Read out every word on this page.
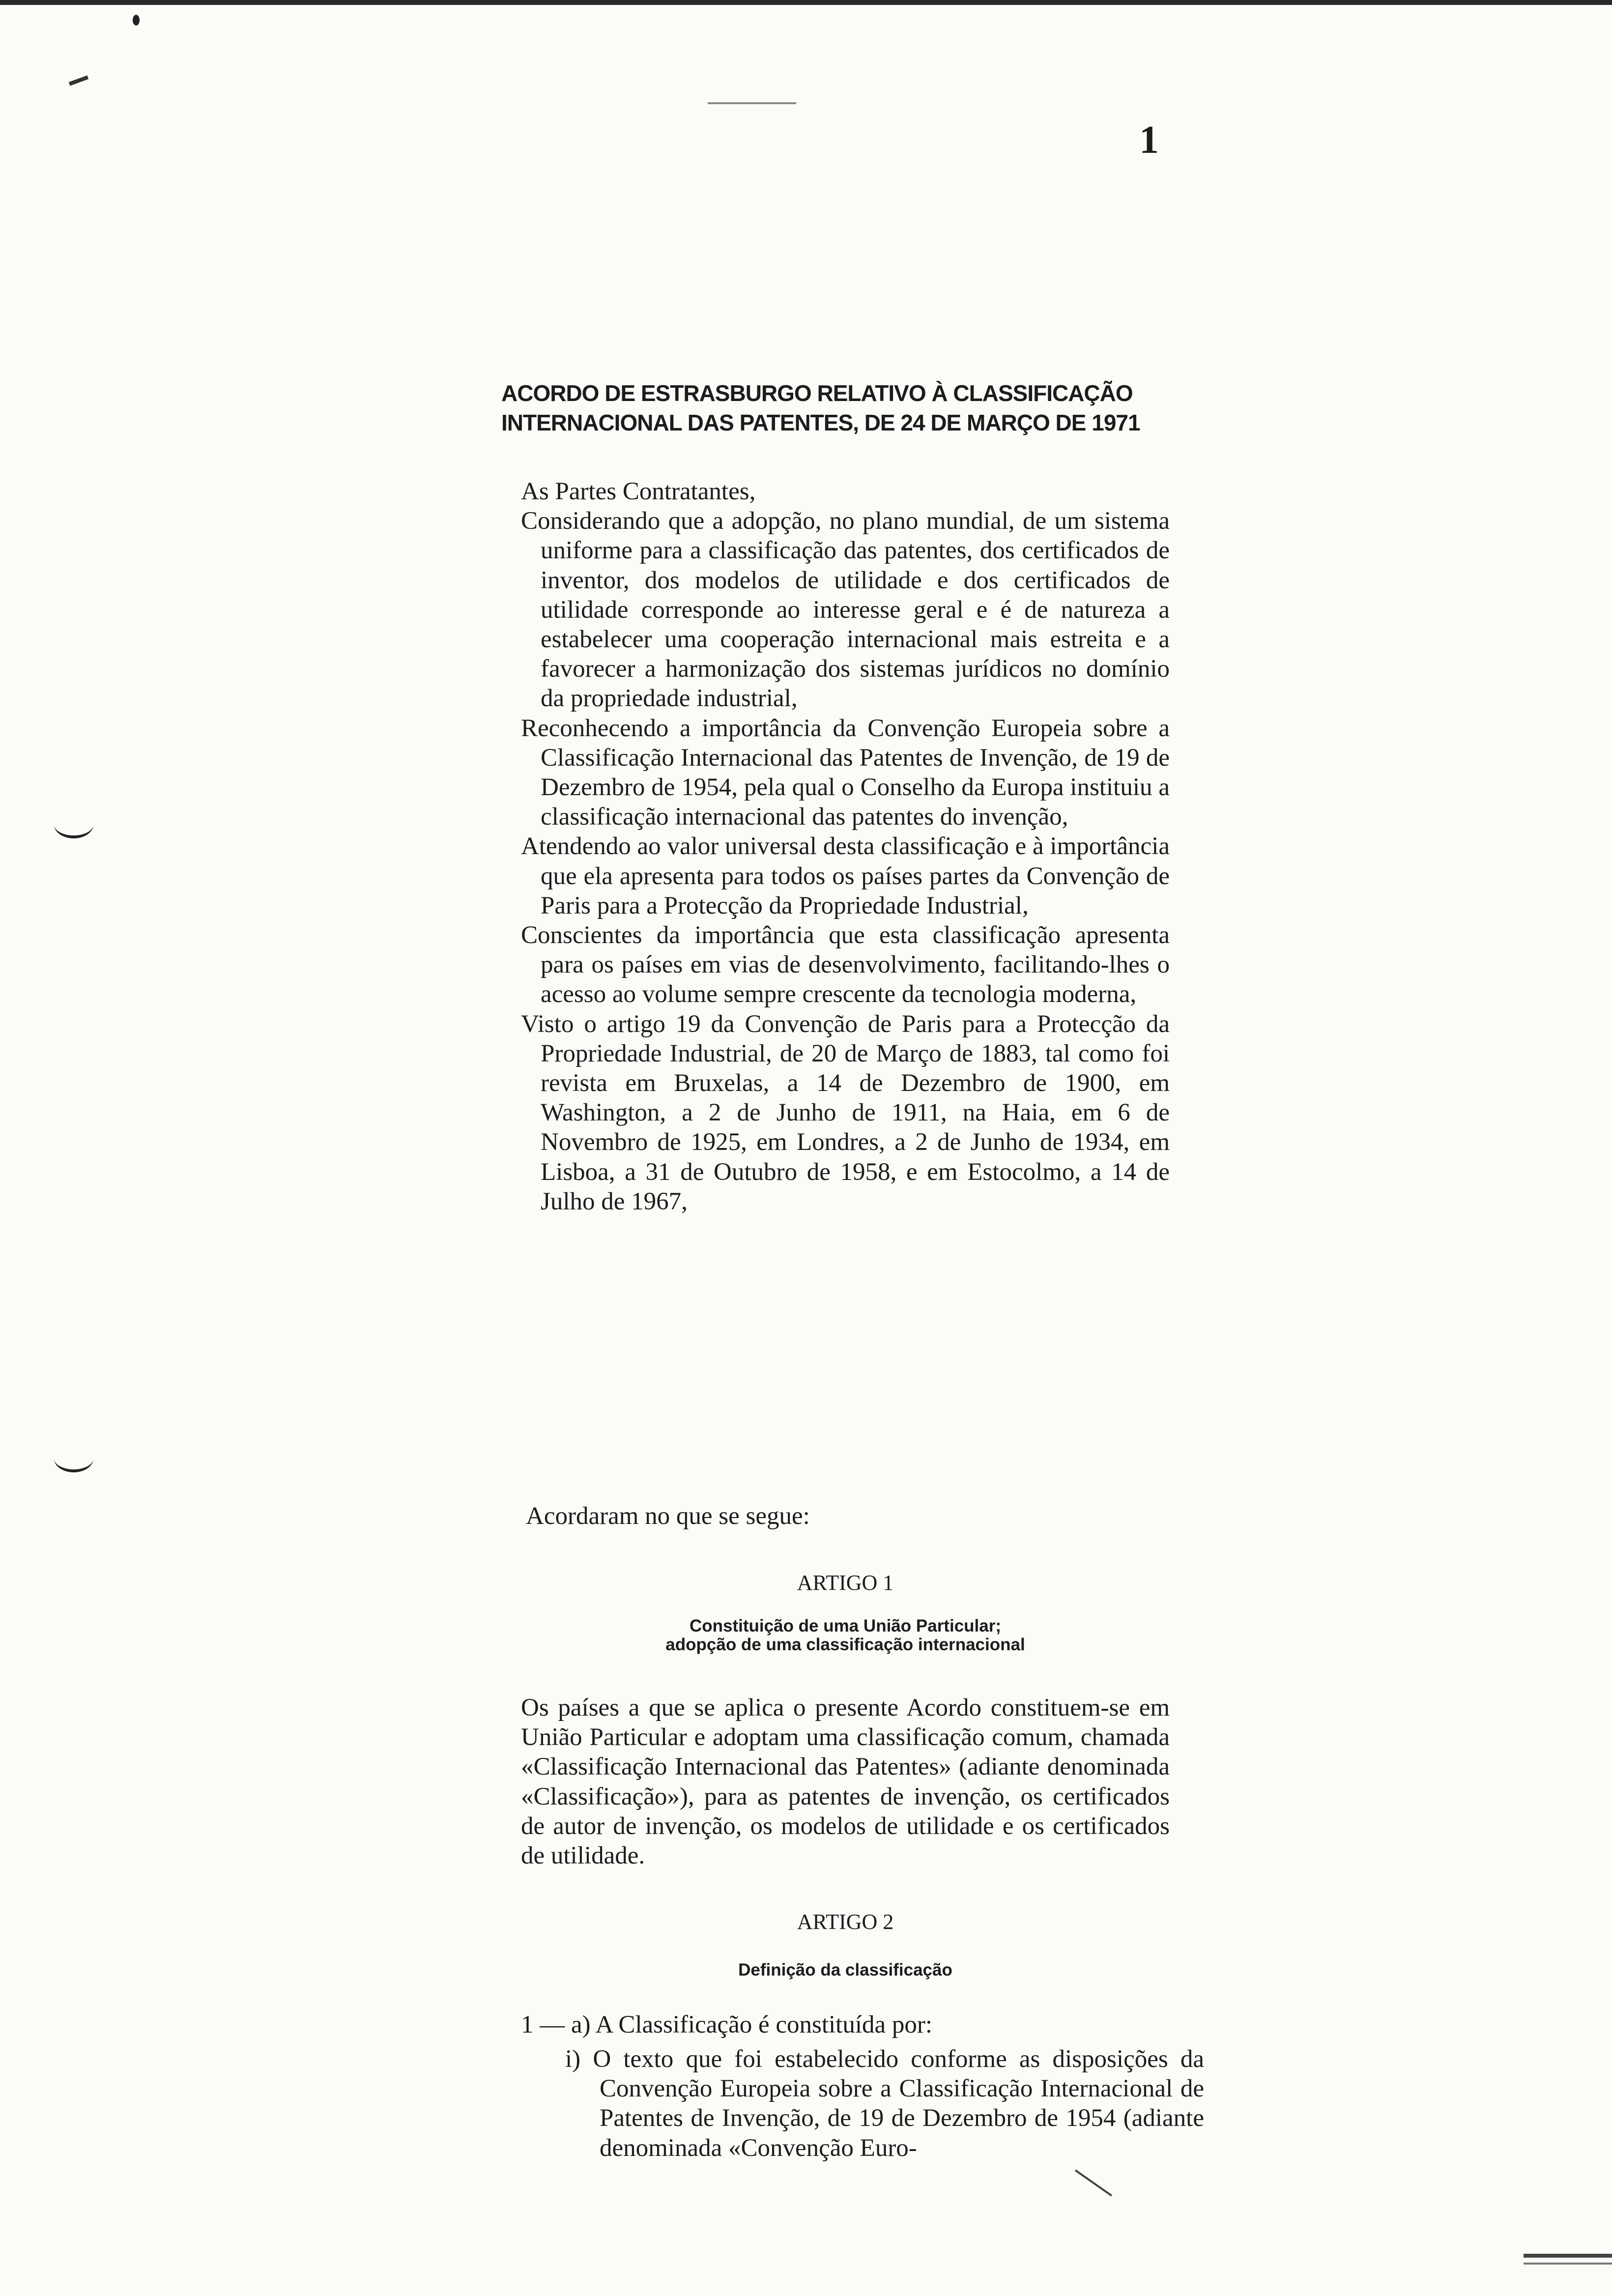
1
ACORDO DE ESTRASBURGO RELATIVO À CLASSIFICAÇÃO
INTERNACIONAL DAS PATENTES, DE 24 DE MARÇO DE 1971

As Partes Contratantes,

Considerando que a adopção, no plano mundial, de um sistema uniforme para a classificação das patentes, dos certificados de inventor, dos modelos de utilidade e dos certificados de utilidade corresponde ao interesse geral e é de natureza a estabelecer uma cooperação internacional mais estreita e a favorecer a harmonização dos sistemas jurídicos no domínio da propriedade industrial,

Reconhecendo a importância da Convenção Europeia sobre a Classificação Internacional das Patentes de Invenção, de 19 de Dezembro de 1954, pela qual o Conselho da Europa instituiu a classificação internacional das patentes do invenção,

Atendendo ao valor universal desta classificação e à importância que ela apresenta para todos os países partes da Convenção de Paris para a Protecção da Propriedade Industrial,

Conscientes da importância que esta classificação apresenta para os países em vias de desenvolvimento, facilitando-lhes o acesso ao volume sempre crescente da tecnologia moderna,

Visto o artigo 19 da Convenção de Paris para a Protecção da Propriedade Industrial, de 20 de Março de 1883, tal como foi revista em Bruxelas, a 14 de Dezembro de 1900, em Washington, a 2 de Junho de 1911, na Haia, em 6 de Novembro de 1925, em Londres, a 2 de Junho de 1934, em Lisboa, a 31 de Outubro de 1958, e em Estocolmo, a 14 de Julho de 1967,

Acordaram no que se segue:
ARTIGO 1
Constituição de uma União Particular;
adopção de uma classificação internacional
Os países a que se aplica o presente Acordo constituem-se em União Particular e adoptam uma classificação comum, chamada «Classificação Internacional das Patentes» (adiante denominada «Classificação»), para as patentes de invenção, os certificados de autor de invenção, os modelos de utilidade e os certificados de utilidade.
ARTIGO 2
Definição da classificação
1 — a) A Classificação é constituída por:
i) O texto que foi estabelecido conforme as disposições da Convenção Europeia sobre a Classificação Internacional de Patentes de Invenção, de 19 de Dezembro de 1954 (adiante denominada «Convenção Euro-
